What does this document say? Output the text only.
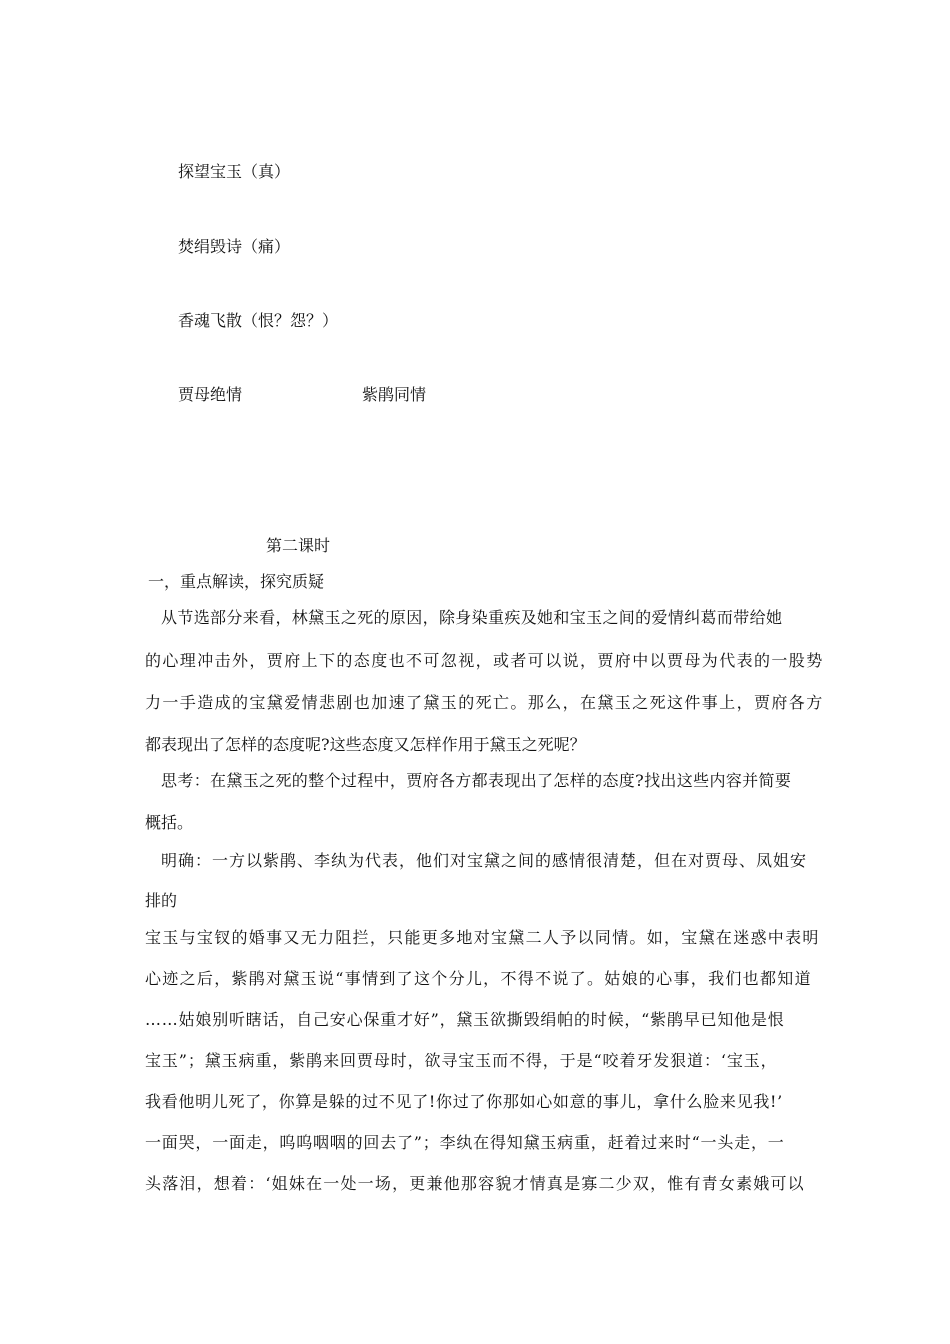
探望宝玉（真）
焚绢毁诗（痛）
香魂飞散（恨？怨？）
贾母绝情	紫鹃同情
第二课时
一，重点解读，探究质疑
从节选部分来看，林黛玉之死的原因，除身染重疾及她和宝玉之间的爱情纠葛而带给她
的心理冲击外，贾府上下的态度也不可忽视，或者可以说，贾府中以贾母为代表的一股势
力一手造成的宝黛爱情悲剧也加速了黛玉的死亡。那么，在黛玉之死这件事上，贾府各方
都表现出了怎样的态度呢?这些态度又怎样作用于黛玉之死呢？
思考：在黛玉之死的整个过程中，贾府各方都表现出了怎样的态度?找出这些内容并简要
概括。
明确：一方以紫鹃、李纨为代表，他们对宝黛之间的感情很清楚，但在对贾母、凤姐安
排的
宝玉与宝钗的婚事又无力阻拦，只能更多地对宝黛二人予以同情。如，宝黛在迷惑中表明
心迹之后，紫鹃对黛玉说“事情到了这个分儿，不得不说了。姑娘的心事，我们也都知道
……姑娘别听瞎话，自己安心保重才好”，黛玉欲撕毁绢帕的时候，“紫鹃早已知他是恨
宝玉”；黛玉病重，紫鹃来回贾母时，欲寻宝玉而不得，于是“咬着牙发狠道：‘宝玉，
我看他明儿死了，你算是躲的过不见了!你过了你那如心如意的事儿，拿什么脸来见我!’
一面哭，一面走，呜呜咽咽的回去了”；李纨在得知黛玉病重，赶着过来时“一头走，一
头落泪，想着：‘姐妹在一处一场，更兼他那容貌才情真是寡二少双，惟有青女素娥可以
